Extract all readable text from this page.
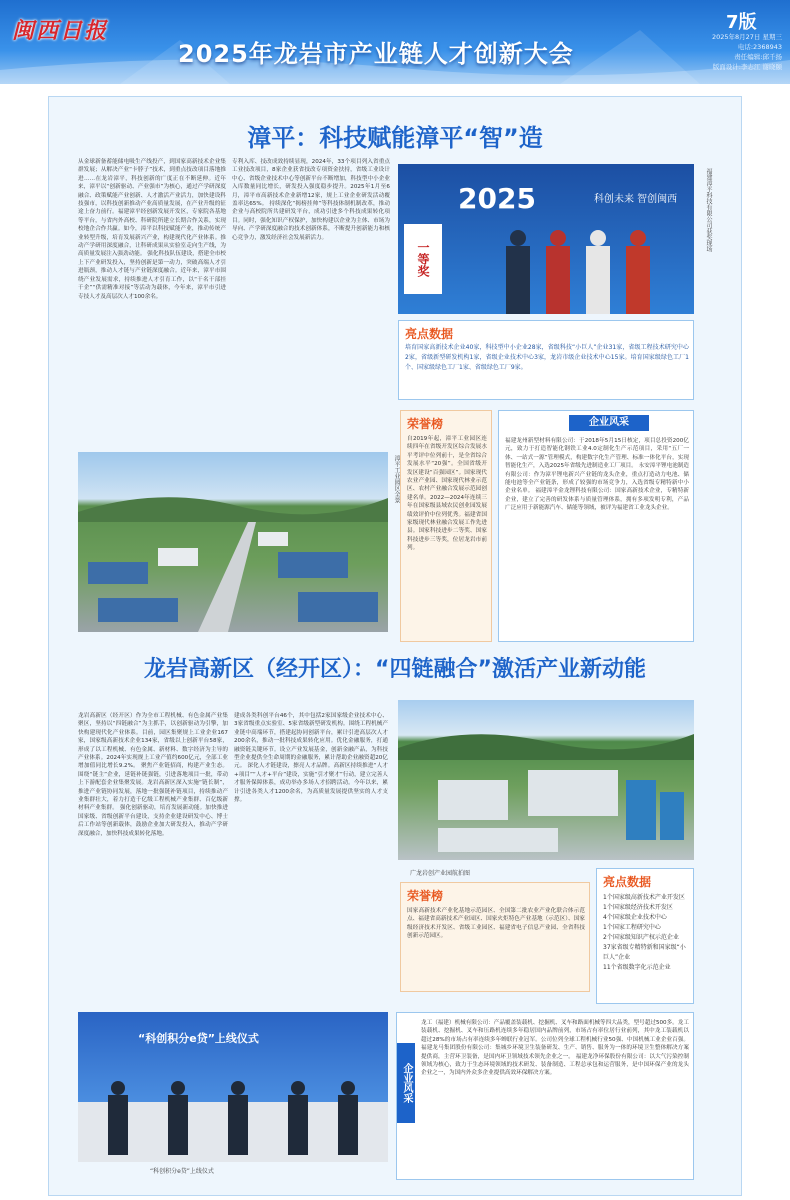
闽西日报
2025年龙岩市产业链人才创新大会
7版
2025年8月27日 星期三
电话:2368943
责任编辑:邱千扬
版面设计:李志江 谢晓颐
漳平：科技赋能漳平“智”造
从金球新备蓄能储电吸生产线投产，到国家高新技术企业集群发展；从解决产业“卡脖子”技术，到重点技改项目落地推进……在龙岩漳平，科技创新的广度正在不断延伸。近年来，漳平以“创新驱动、产业强市”为核心，通过产学研深度融合、政策赋能产业创新、人才激活产业活力，加快建设科技强市，以科技创新推动产业高质量发展，在产业升级的征途上奋力前行。福建漳平经创新发展开发区，专家院各基地等平台，与省内外高校、科研院所建立长期合作关系，实现校地企合作共赢。如今，漳平以科技赋能产业，推动传统产业转型升级，培育发展新兴产业，构建现代化产业体系。推动产学研用深度融合，让科研成果从实验室走向生产线，为高质量发展注入强劲动能。 强化科技队伍建设，搭建全市校上下产业研发投入，坚持创新是第一动力，突破高端人才引进瓶颈，推动人才链与产业链深度融合。近年来，漳平市围绕产业发展需求，持续推进人才引育工作，以“干名干部挂千企”“供需精准对接”等活动为载体，今年来，漳平市引进专技人才及高层次人才100余名。
专利入库、技改成效持续显现，2024年，33个项目列入省重点工业技改项目，8家企业获省技改专项资金扶持，省级工业设计中心、省级企业技术中心等创新平台不断增加，科技型中小企业入库数量同比增长，研发投入强度稳步提升。2025年1月至6月，漳平市高新技术企业新增12家，规上工业企业研发活动覆盖率达65%。 持续深化“揭榜挂帅”等科技体制机制改革，推动企业与高校院所共建研发平台，成功引进多个科技成果转化项目。同时，强化知识产权保护，加快构建以企业为主体、市场为导向、产学研深度融合的技术创新体系，不断提升创新能力和核心竞争力，激发经济社会发展新活力。
2025	科创未来 智创闽西
一等奖
福建漳平科技有限公司获奖现场
亮点数据
培育国家高新技术企业40家，科技型中小企业28家，省级科技“小巨人”企业31家，省级工程技术研究中心2家，省级新型研发机构1家，省级企业技术中心3家，龙岩市级企业技术中心15家。培育国家级绿色工厂1个、国家级绿色工厂1家、省级绿色工厂9家。
漳平工业园区全景
荣誉榜
自2019年起，漳平工业园区连续四年在省级开发区综合发展水平考评中位列前十，是全省综合发展水平“20强”。全国省级开发区建设“百强园区”。国家现代农业产业园、国家现代林业示范区、农村产业融合发展示范园创建名单。2022—2024年连续三年在国家级县域农民创业园发展绩效评价中位列优秀。福建省国家级现代林业融合发展工作先进县。国家科技进步二等奖、国家科技进步三等奖，位居龙岩市前列。
企业风采
福建龙州新型材料有限公司：于2018年5月15日核定，项目总投资200亿元，致力于打造智能化钢铁工业4.0定制化生产示范项目，采用“五厂一体、一站式一源”管理模式，构建数字化生产管理、标准一体化平台，实现智能化生产，入选2025年省级先进制造业工厂项目。 永安漳平锂电池制造有限公司：作为漳平锂电新兴产业链的龙头企业，重点打造动力电池、储能电池等全产业链条，形成了较强的市场竞争力，入选省级专精特新中小企业名单。 福建漳平金龙锂科技有限公司：国家高新技术企业，专精特新企业，建立了完善的研发体系与质量管理体系，拥有多项发明专利，产品广泛应用于新能源汽车、储能等领域，被评为福建省工业龙头企业。
龙岩高新区（经开区）：“四链融合”激活产业新动能
龙岩高新区（经开区）作为全市工程机械、有色金属产业集聚区，坚持以“四链融合”为主抓手，以创新驱动为引擎，加快构建现代化产业体系。目前，园区集聚规上工业企业167家，国家级高新技术企业134家，省级以上创新平台58家，形成了以工程机械、有色金属、新材料、数字经济为主导的产业体系。2024年实现规上工业产值约600亿元，全部工业增加值同比增长9.2%。 聚焦产业链招商，构建产业生态。围绕“链主”企业，延链补链强链，引进落地项目一批，带动上下游配套企业集聚发展。龙岩高新区深入实施“链长制”，推进产业链协同发展，落地一批强链补链项目，持续推动产业集群壮大，着力打造千亿级工程机械产业集群、百亿级新材料产业集群。 强化创新驱动，培育发展新动能。加快推进国家级、省级创新平台建设，支持企业建设研发中心、博士后工作站等创新载体，鼓励企业加大研发投入，推动产学研深度融合，加快科技成果转化落地。
建成各类科创平台46个，其中包括2家国家级企业技术中心、3家省级重点实验室、5家省级新型研发机构。围绕工程机械产业链中高端环节，搭建起协同创新平台，累计引进高层次人才200余名，推动一批科技成果转化应用。优化金融服务，打通融资链关键环节。设立产业发展基金，创新金融产品，为科技型企业提供全生命周期的金融服务，累计帮助企业融资超20亿元。 深化人才链建设，擦亮人才品牌。高新区持续推进“人才+项目”“人才+平台”建设，实施“引才聚才”行动，建立完善人才服务保障体系，成功举办多场人才招聘活动。今年以来，累计引进各类人才1200余名，为高质量发展提供坚实的人才支撑。
广龙岩创产业园航拍图
荣誉榜
国家高新技术产业化基地示范园区、全国第二批农业产业化联合体示范点、福建省高新技术产业园区、国家火炬特色产业基地（示范区）、国家级经济技术开发区、省级工业园区、福建省电子信息产业园、全省科技创新示范园区。
亮点数据
1个国家级高新技术产业开发区
1个国家级经济技术开发区
4个国家级企业技术中心
1个国家工程研究中心
2个国家级知识产权示范企业
37家省级专精特新和国家级“小巨人”企业
11个省级数字化示范企业
“科创积分e贷”上线仪式
“科创积分e贷”上线仪式
企业风采
龙工（福建）机械有限公司：产品覆盖装载机、挖掘机、叉车和路面机械等四大品类，型号超过500多。龙工装载机、挖掘机、叉车和压路机连续多年稳居国内品牌前列，市场占有率位居行业前列，其中龙工装载机以超过28%的市场占有率连续多年蝉联行业冠军。公司位列全球工程机械行业50强、中国机械工业企业百强。 福建龙马集团股份有限公司：集城乡环境卫生装备研发、生产、销售、服务为一体的环境卫生整体解决方案提供商，主营环卫装备，是国内环卫领域技术领先企业之一。 福建龙净环保股份有限公司：以大气污染控制领域为核心，致力于生态环境领域的技术研发、装备制造、工程总承包和运营服务，是中国环保产业的龙头企业之一，为国内外众多企业提供高效环保解决方案。
